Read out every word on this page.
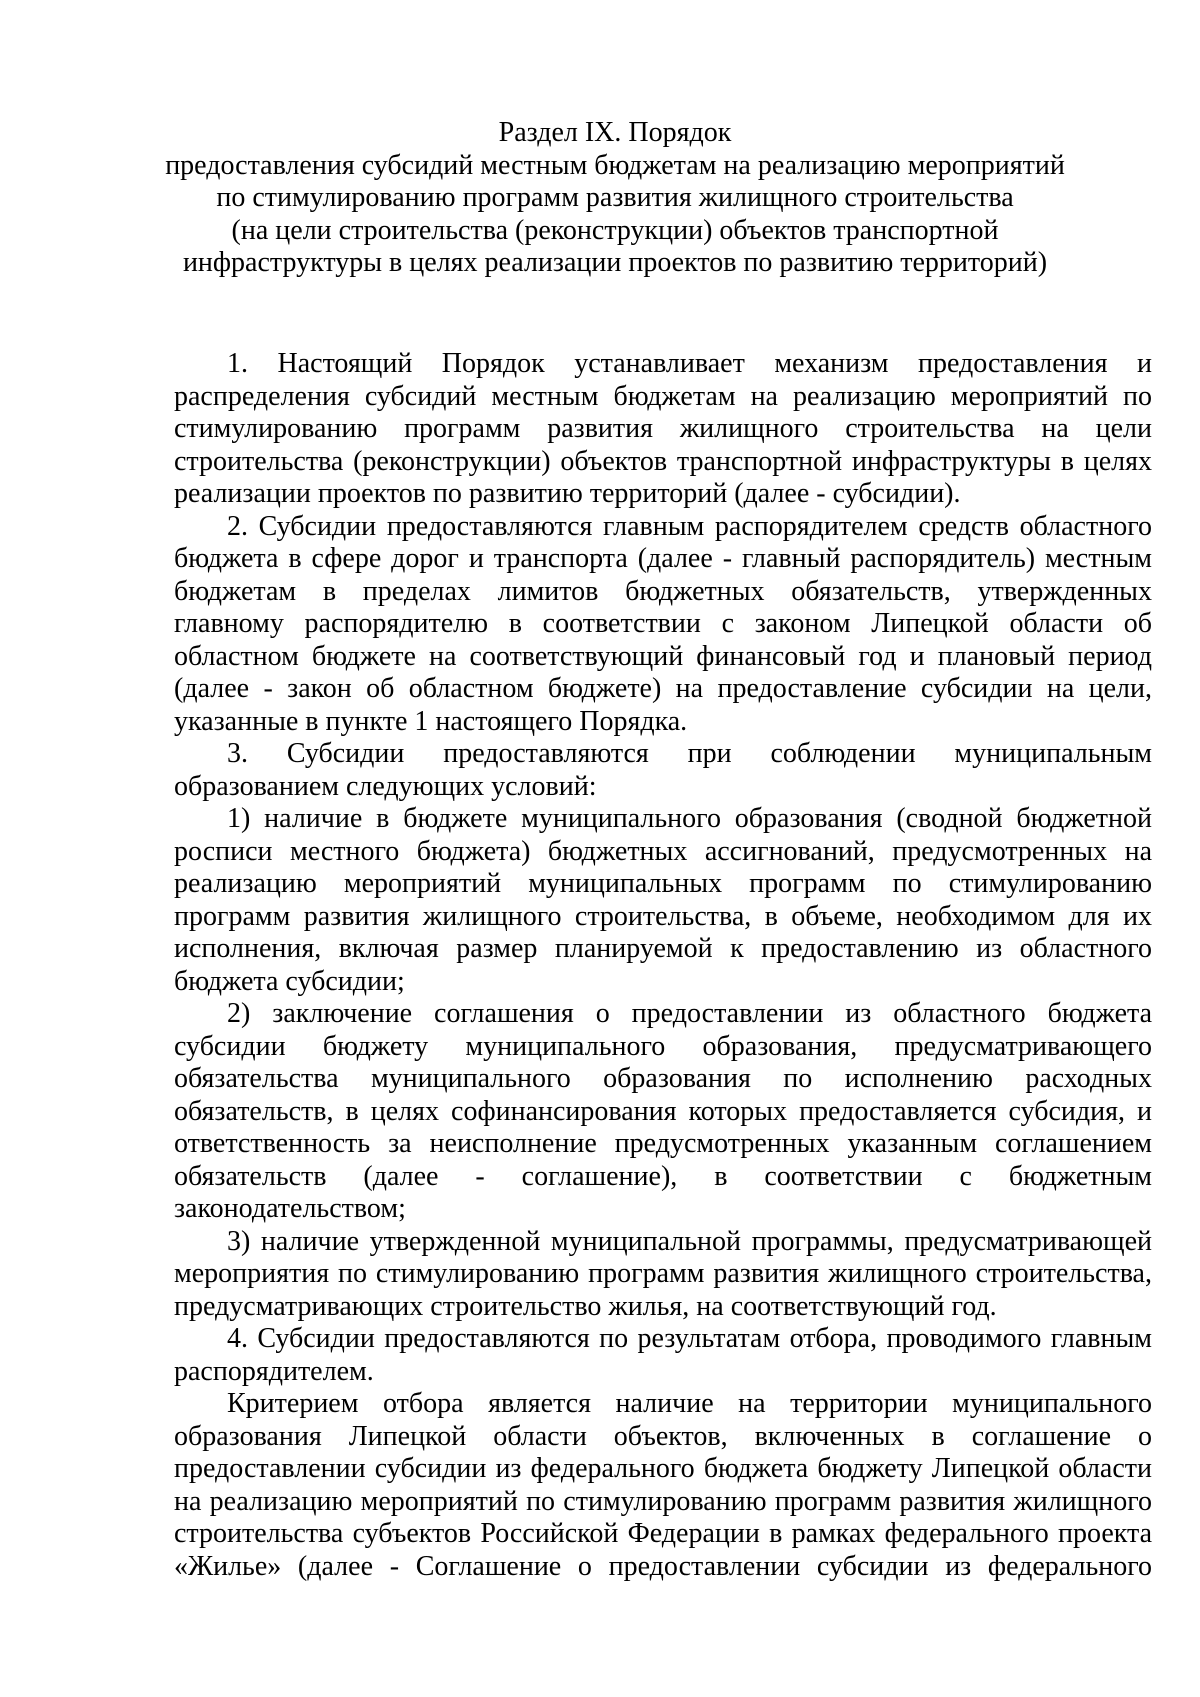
Раздел IX. Порядок
предоставления субсидий местным бюджетам на реализацию мероприятий
по стимулированию программ развития жилищного строительства
(на цели строительства (реконструкции) объектов транспортной
инфраструктуры в целях реализации проектов по развитию территорий)
1. Настоящий Порядок устанавливает механизм предоставления и
распределения субсидий местным бюджетам на реализацию мероприятий по
стимулированию программ развития жилищного строительства на цели
строительства (реконструкции) объектов транспортной инфраструктуры в целях
реализации проектов по развитию территорий (далее - субсидии).
2. Субсидии предоставляются главным распорядителем средств областного
бюджета в сфере дорог и транспорта (далее - главный распорядитель) местным
бюджетам в пределах лимитов бюджетных обязательств, утвержденных
главному распорядителю в соответствии с законом Липецкой области об
областном бюджете на соответствующий финансовый год и плановый период
(далее - закон об областном бюджете) на предоставление субсидии на цели,
указанные в пункте 1 настоящего Порядка.
3. Субсидии предоставляются при соблюдении муниципальным
образованием следующих условий:
1) наличие в бюджете муниципального образования (сводной бюджетной
росписи местного бюджета) бюджетных ассигнований, предусмотренных на
реализацию мероприятий муниципальных программ по стимулированию
программ развития жилищного строительства, в объеме, необходимом для их
исполнения, включая размер планируемой к предоставлению из областного
бюджета субсидии;
2) заключение соглашения о предоставлении из областного бюджета
субсидии бюджету муниципального образования, предусматривающего
обязательства муниципального образования по исполнению расходных
обязательств, в целях софинансирования которых предоставляется субсидия, и
ответственность за неисполнение предусмотренных указанным соглашением
обязательств (далее - соглашение), в соответствии с бюджетным
законодательством;
3) наличие утвержденной муниципальной программы, предусматривающей
мероприятия по стимулированию программ развития жилищного строительства,
предусматривающих строительство жилья, на соответствующий год.
4. Субсидии предоставляются по результатам отбора, проводимого главным
распорядителем.
Критерием отбора является наличие на территории муниципального
образования Липецкой области объектов, включенных в соглашение о
предоставлении субсидии из федерального бюджета бюджету Липецкой области
на реализацию мероприятий по стимулированию программ развития жилищного
строительства субъектов Российской Федерации в рамках федерального проекта
«Жилье» (далее - Соглашение о предоставлении субсидии из федерального
